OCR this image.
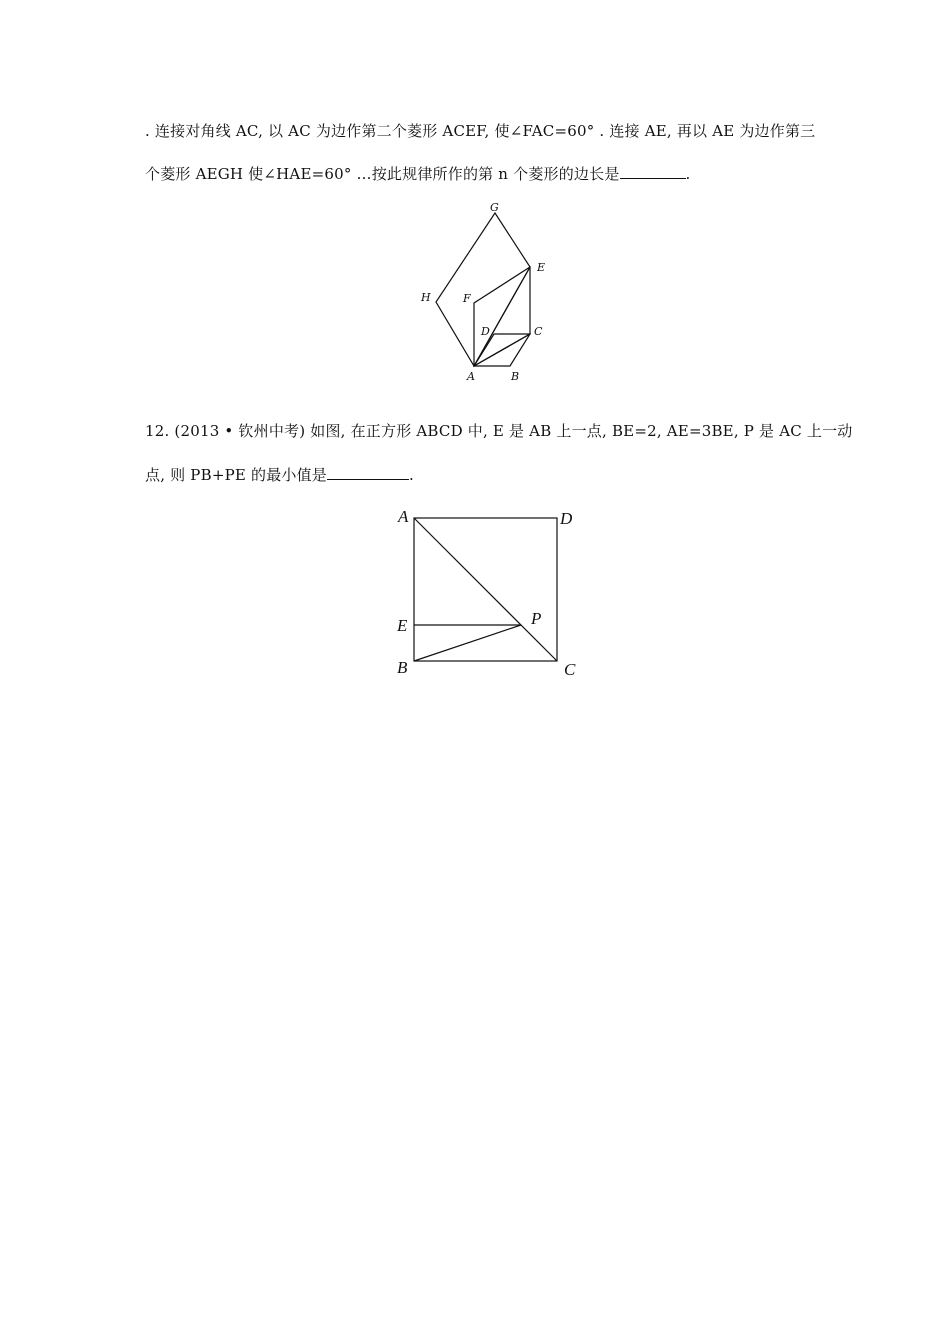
. 连接对角线 AC, 以 AC 为边作第二个菱形 ACEF, 使∠FAC=60° . 连接 AE, 再以 AE 为边作第三
个菱形 AEGH 使∠HAE=60° …按此规律所作的第 n 个菱形的边长是	.
G
E
H	F
D	C
A	B
12. (2013 • 钦州中考) 如图, 在正方形 ABCD 中, E 是 AB 上一点, BE=2, AE=3BE, P 是 AC 上一动
点, 则 PB+PE 的最小值是	.
A	D
E	P
B	C
